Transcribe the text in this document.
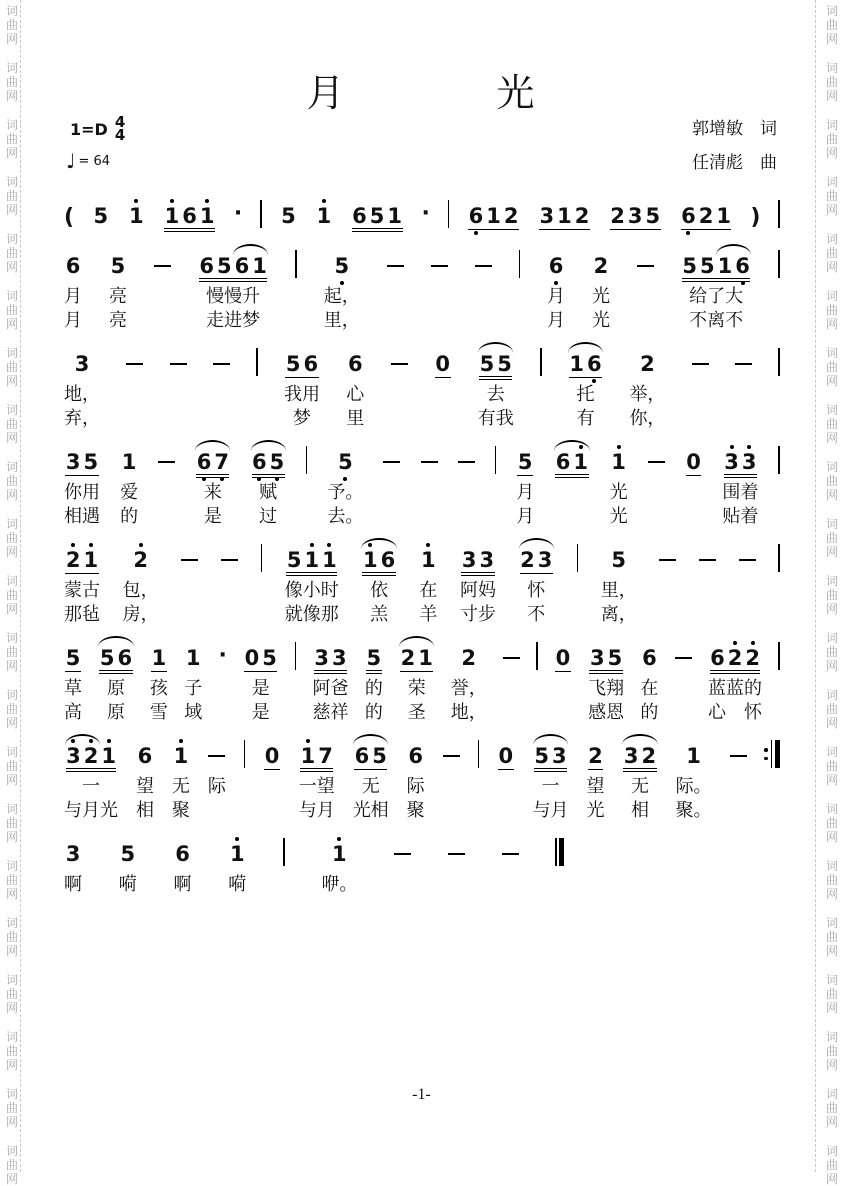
词
曲
网
词
曲
网
词
曲
网
词
曲
网
词
曲
网
词
曲
网
词
曲
网
词
曲
网
词
曲
网
词
曲
网
词
曲
网
词
曲
网
词
曲
网
词
曲
网
词
曲
网
词
曲
网
词
曲
网
词
曲
网
词
曲
网
词
曲
网
词
曲
网
词
曲
网
词
曲
网
词
曲
网
词
曲
网
词
曲
网
词
曲
网
词
曲
网
词
曲
网
词
曲
网
词
曲
网
词
曲
网
词
曲
网
词
曲
网
词
曲
网
词
曲
网
词
曲
网
词
曲
网
词
曲
网
词
曲
网
词
曲
网
词
曲
网
月	光
1=D 4
4
♩ = 64
郭增敏　词
任清彪　曲
( 5 1 1 6 1 · 5 1 6 5 1 · 6 1 2 3 1 2 2 3 5 6 2 1 )
6
月
月
5
亮
亮
6 5 6 1
慢慢升
走进梦
5
起，
里，
6
月
月
2
光
光
5 5 1 6
给了大
不离不
3
地，
弃，
5 6
我用
梦
6
心
里
0 5 5
去
有我
1 6
托
有
2
举，
你，
3 5
你用
相遇
1
爱
的
6 7
来
是
6 5
赋
过
5
予。
去。
5
月
月
6 1 1
光
光
0 3 3
围着
贴着
2 1
蒙古
那毡
2
包，
房，
5 1 1
像小时
就像那
1 6
依
羔
1
在
羊
3 3
阿妈
寸步
2 3
怀
不
5
里，
离，
5
草
高
5 6
原
原
1
孩
雪
1
子
域
· 0 5
是
是
3 3
阿爸
慈祥
5
的
的
2 1
荣
圣
2
誉，
地，
0 3 5
飞翔
感恩
6
在
的
6 2 2
蓝蓝的
心　怀
3 2 1
一
与月光
6
望
相
1
无
聚
际
0 1 7
一望
与月
6 5
无
光相
6
际
聚
0 5 3
一
与月
2
望
光
3 2
无
相
1
际。
聚。
3
啊
5
嗬
6
啊
1
嗬
1
咿。
-1-
